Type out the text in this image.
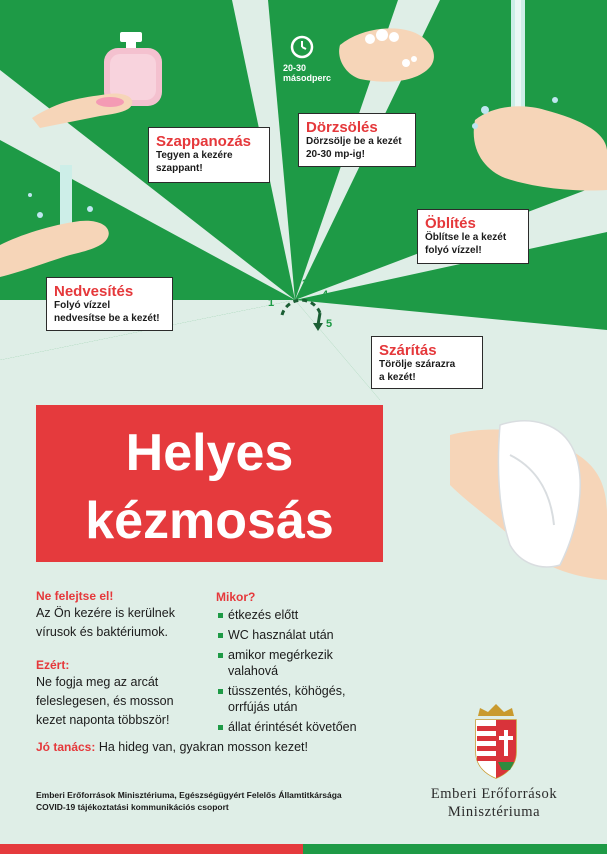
20-30
másodperc
Szappanozás
Tegyen a kezére
szappant!
Dörzsölés
Dörzsölje be a kezét
20-30 mp-ig!
Öblítés
Öblítse le a kezét
folyó vízzel!
Nedvesítés
Folyó vízzel
nedvesítse be a kezét!
Szárítás
Törölje szárazra
a kezét!
1
2 3
4
5
Helyes
kézmosás
Ne felejtse el!
Az Ön kezére is kerülnek
vírusok és baktériumok.
Ezért:
Ne fogja meg az arcát
feleslegesen, és mosson
kezet naponta többször!
Mikor?
étkezés előtt
WC használat után
amikor megérkezik
valahová
tüsszentés, köhögés,
orrfújás után
állat érintését követően
Jó tanács: Ha hideg van, gyakran mosson kezet!
Emberi Erőforrások Minisztériuma, Egészségügyért Felelős Államtitkársága
COVID-19 tájékoztatási kommunikációs csoport
Emberi Erőforrások
Minisztériuma
